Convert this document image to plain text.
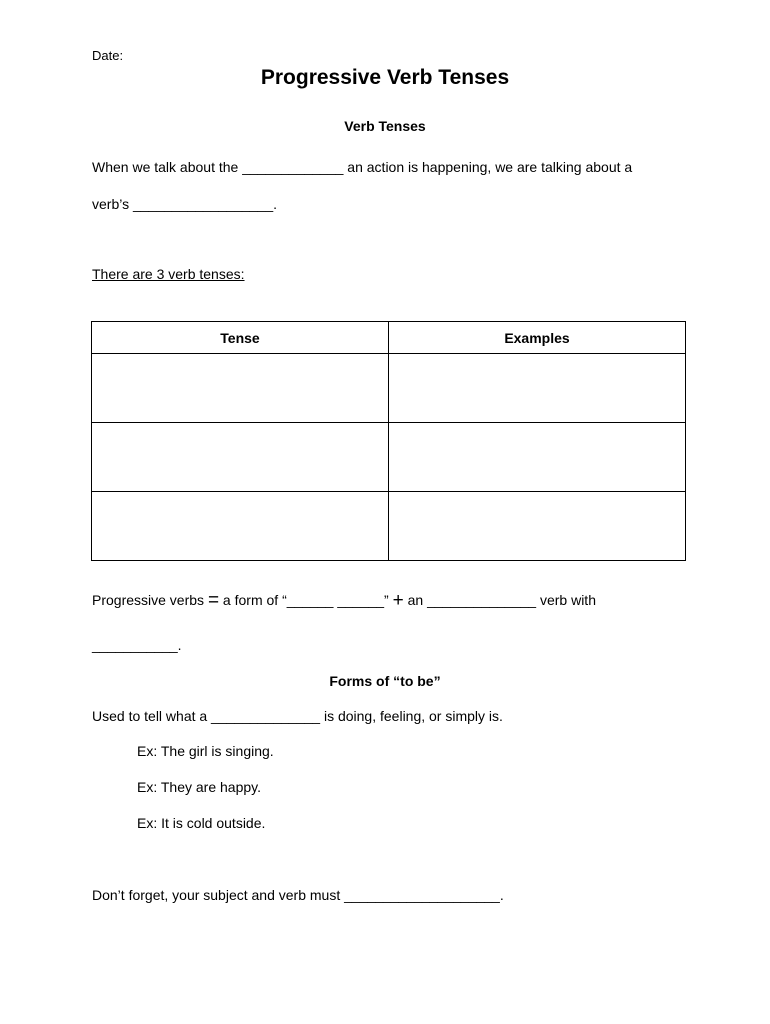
Date:
Progressive Verb Tenses
Verb Tenses
When we talk about the _____________ an action is happening, we are talking about a
verb’s __________________.
There are 3 verb tenses:
Tense	Examples

Progressive verbs = a form of “______ ______” + an ______________ verb with
___________.
Forms of “to be”
Used to tell what a ______________ is doing, feeling, or simply is.
Ex: The girl is singing.
Ex: They are happy.
Ex: It is cold outside.
Don’t forget, your subject and verb must ____________________.
